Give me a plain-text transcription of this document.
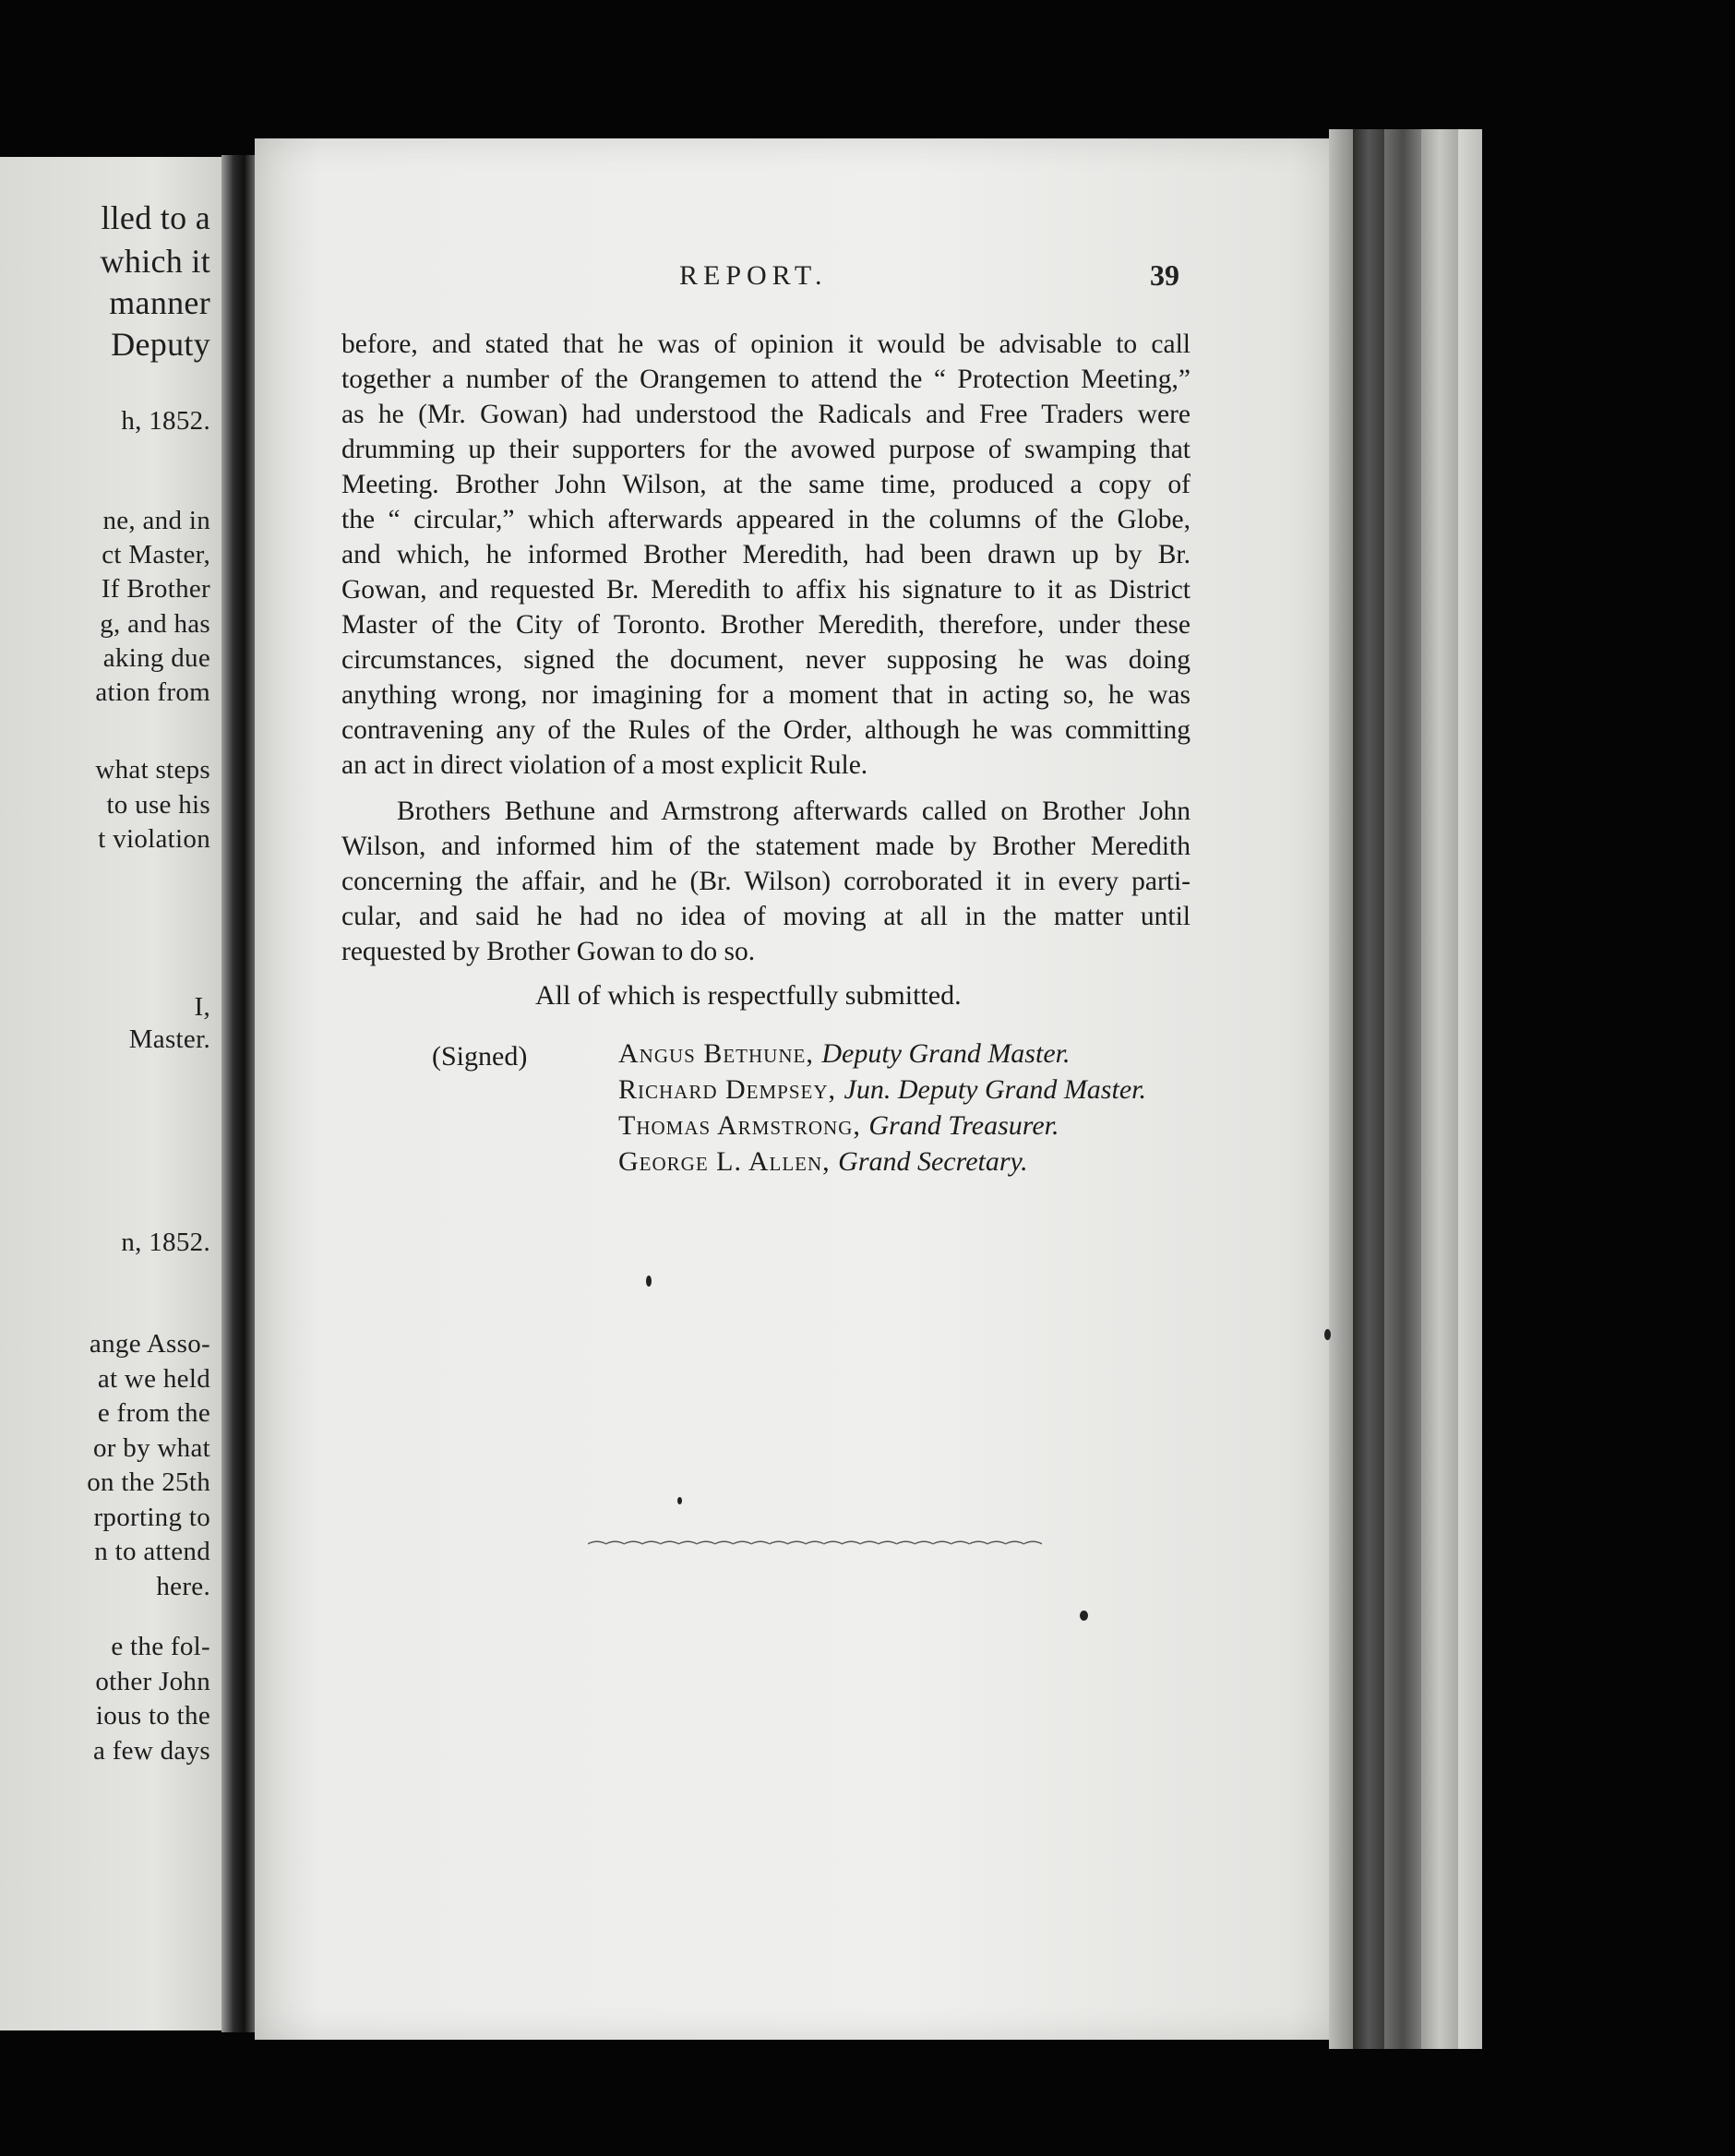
lled to a
which it
manner
Deputy
h, 1852.
ne, and in
ct Master,
If Brother
g, and has
aking due
ation from
what steps
to use his
t violation
I,
Master.
n, 1852.
ange Asso-
at we held
e from the
or by what
on the 25th
rporting to
n to attend
here.
e the fol-
other John
ious to the
a few days
REPORT.	39
before, and stated that he was of opinion it would be advisable to call
together a number of the Orangemen to attend the “ Protection Meeting,”
as he (Mr. Gowan) had understood the Radicals and Free Traders were
drumming up their supporters for the avowed purpose of swamping that
Meeting. Brother John Wilson, at the same time, produced a copy of
the “ circular,” which afterwards appeared in the columns of the Globe,
and which, he informed Brother Meredith, had been drawn up by Br.
Gowan, and requested Br. Meredith to affix his signature to it as District
Master of the City of Toronto. Brother Meredith, therefore, under these
circumstances, signed the document, never supposing he was doing
anything wrong, nor imagining for a moment that in acting so, he was
contravening any of the Rules of the Order, although he was committing
an act in direct violation of a most explicit Rule.
Brothers Bethune and Armstrong afterwards called on Brother John
Wilson, and informed him of the statement made by Brother Meredith
concerning the affair, and he (Br. Wilson) corroborated it in every parti-
cular, and said he had no idea of moving at all in the matter until
requested by Brother Gowan to do so.
All of which is respectfully submitted.
(Signed)	Angus Bethune, Deputy Grand Master.
Richard Dempsey, Jun. Deputy Grand Master.
Thomas Armstrong, Grand Treasurer.
George L. Allen, Grand Secretary.
⁀⁀⁀⁀⁀⁀⁀⁀⁀⁀⁀⁀⁀⁀⁀⁀⁀⁀⁀⁀⁀⁀⁀⁀⁀
